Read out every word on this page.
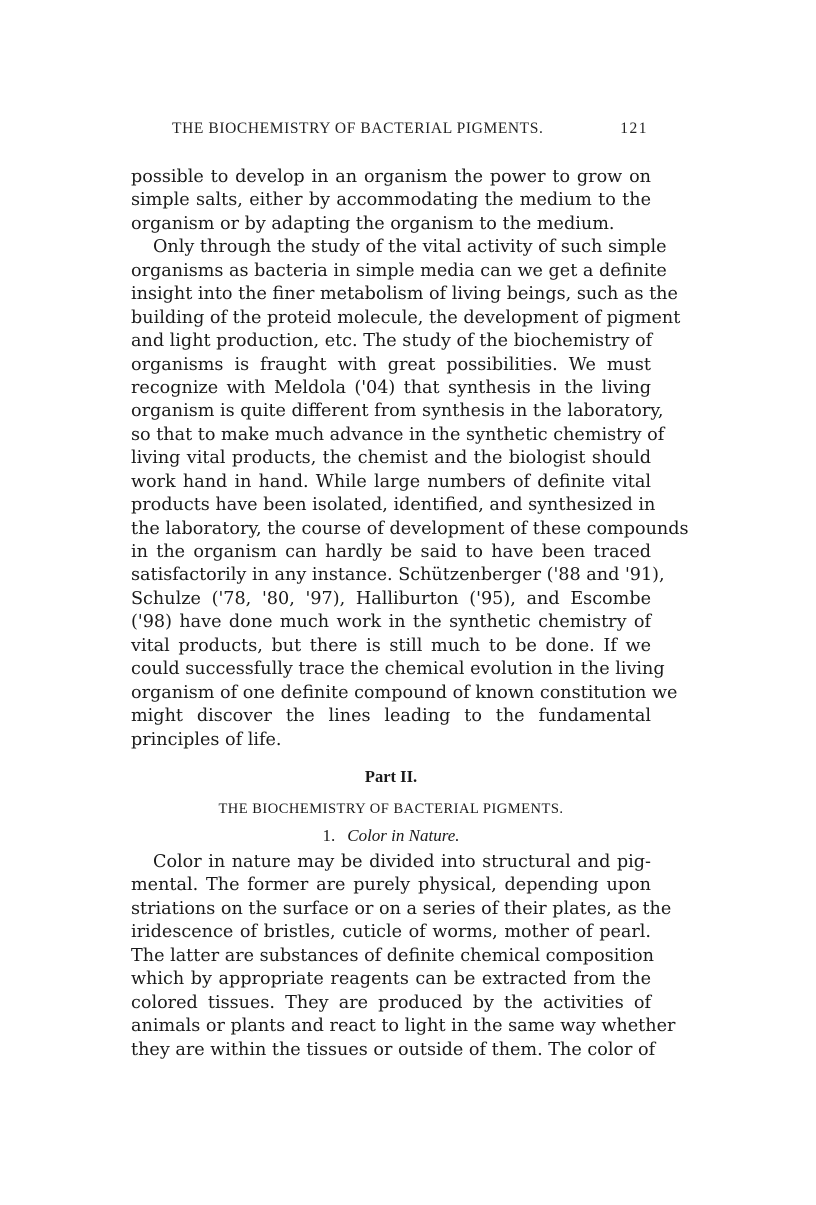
THE BIOCHEMISTRY OF BACTERIAL PIGMENTS.	121
possible to develop in an organism the power to grow on
simple salts, either by accommodating the medium to the
organism or by adapting the organism to the medium.
Only through the study of the vital activity of such simple
organisms as bacteria in simple media can we get a definite
insight into the finer metabolism of living beings, such as the
building of the proteid molecule, the development of pigment
and light production, etc. The study of the biochemistry of
organisms is fraught with great possibilities. We must
recognize with Meldola ('04) that synthesis in the living
organism is quite different from synthesis in the laboratory,
so that to make much advance in the synthetic chemistry of
living vital products, the chemist and the biologist should
work hand in hand. While large numbers of definite vital
products have been isolated, identified, and synthesized in
the laboratory, the course of development of these compounds
in the organism can hardly be said to have been traced
satisfactorily in any instance. Schützenberger ('88 and '91),
Schulze ('78, '80, '97), Halliburton ('95), and Escombe
('98) have done much work in the synthetic chemistry of
vital products, but there is still much to be done. If we
could successfully trace the chemical evolution in the living
organism of one definite compound of known constitution we
might discover the lines leading to the fundamental
principles of life.
Part II.
THE BIOCHEMISTRY OF BACTERIAL PIGMENTS.
1. Color in Nature.
Color in nature may be divided into structural and pig-
mental. The former are purely physical, depending upon
striations on the surface or on a series of their plates, as the
iridescence of bristles, cuticle of worms, mother of pearl.
The latter are substances of definite chemical composition
which by appropriate reagents can be extracted from the
colored tissues. They are produced by the activities of
animals or plants and react to light in the same way whether
they are within the tissues or outside of them. The color of
